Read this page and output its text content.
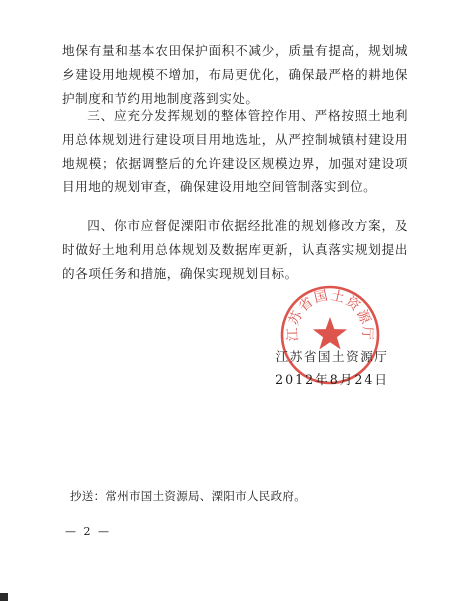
地保有量和基本农田保护面积不减少，质量有提高，规划城乡建设用地规模不增加，布局更优化，确保最严格的耕地保护制度和节约用地制度落到实处。

三、应充分发挥规划的整体管控作用、严格按照土地利用总体规划进行建设项目用地选址，从严控制城镇村建设用地规模；依据调整后的允许建设区规模边界，加强对建设项目用地的规划审查，确保建设用地空间管制落实到位。

四、你市应督促溧阳市依据经批准的规划修改方案，及时做好土地利用总体规划及数据库更新，认真落实规划提出的各项任务和措施，确保实现规划目标。

江苏省国土资源厅
江苏省国土资源厅
2012年8月24日
抄送：常州市国土资源局、溧阳市人民政府。
— 2 —
